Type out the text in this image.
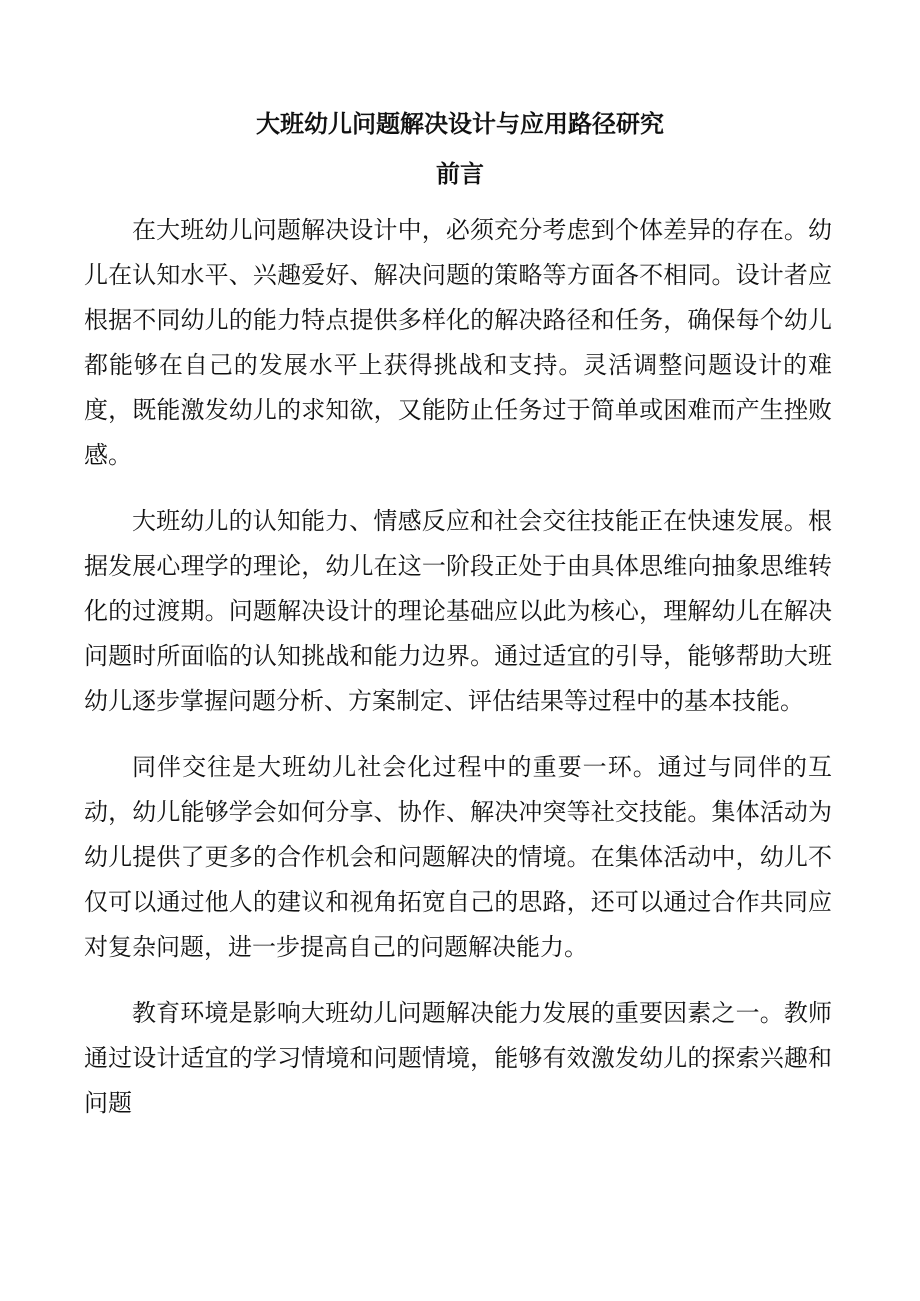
大班幼儿问题解决设计与应用路径研究
前言

在大班幼儿问题解决设计中，必须充分考虑到个体差异的存在。幼儿在认知水平、兴趣爱好、解决问题的策略等方面各不相同。设计者应根据不同幼儿的能力特点提供多样化的解决路径和任务，确保每个幼儿都能够在自己的发展水平上获得挑战和支持。灵活调整问题设计的难度，既能激发幼儿的求知欲，又能防止任务过于简单或困难而产生挫败感。

大班幼儿的认知能力、情感反应和社会交往技能正在快速发展。根据发展心理学的理论，幼儿在这一阶段正处于由具体思维向抽象思维转化的过渡期。问题解决设计的理论基础应以此为核心，理解幼儿在解决问题时所面临的认知挑战和能力边界。通过适宜的引导，能够帮助大班幼儿逐步掌握问题分析、方案制定、评估结果等过程中的基本技能。

同伴交往是大班幼儿社会化过程中的重要一环。通过与同伴的互动，幼儿能够学会如何分享、协作、解决冲突等社交技能。集体活动为幼儿提供了更多的合作机会和问题解决的情境。在集体活动中，幼儿不仅可以通过他人的建议和视角拓宽自己的思路，还可以通过合作共同应对复杂问题，进一步提高自己的问题解决能力。

教育环境是影响大班幼儿问题解决能力发展的重要因素之一。教师通过设计适宜的学习情境和问题情境，能够有效激发幼儿的探索兴趣和问题
